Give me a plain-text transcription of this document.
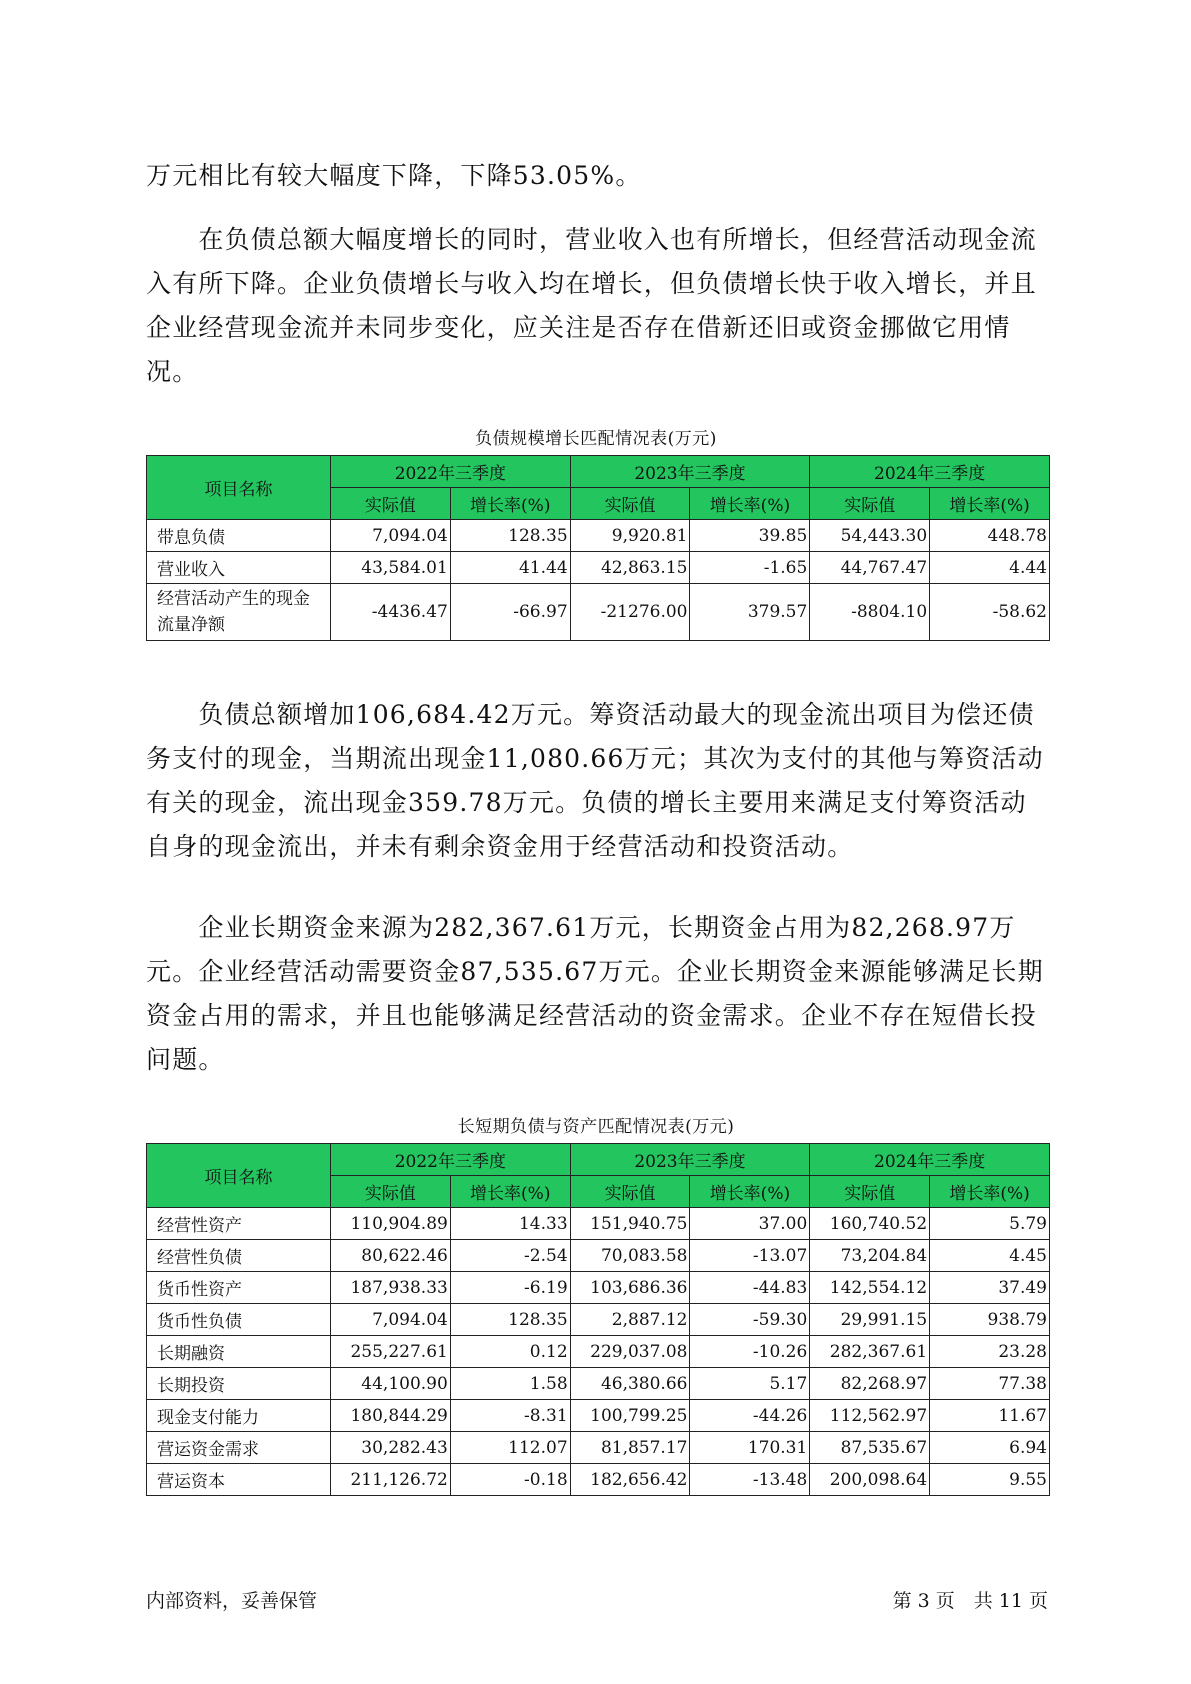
万元相比有较大幅度下降，下降53.05%。

　　在负债总额大幅度增长的同时，营业收入也有所增长，但经营活动现金流入有所下降。企业负债增长与收入均在增长，但负债增长快于收入增长，并且企业经营现金流并未同步变化，应关注是否存在借新还旧或资金挪做它用情况。

负债规模增长匹配情况表(万元)
项目名称	2022年三季度		2023年三季度		2024年三季度	
	实际值	增长率(%)	实际值	增长率(%)	实际值	增长率(%)
带息负债	7,094.04	128.35	9,920.81	39.85	54,443.30	448.78
营业收入	43,584.01	41.44	42,863.15	-1.65	44,767.47	4.44
经营活动产生的现金流量净额	-4436.47	-66.97	-21276.00	379.57	-8804.10	-58.62

　　负债总额增加106,684.42万元。筹资活动最大的现金流出项目为偿还债务支付的现金，当期流出现金11,080.66万元；其次为支付的其他与筹资活动有关的现金，流出现金359.78万元。负债的增长主要用来满足支付筹资活动自身的现金流出，并未有剩余资金用于经营活动和投资活动。

　　企业长期资金来源为282,367.61万元，长期资金占用为82,268.97万元。企业经营活动需要资金87,535.67万元。企业长期资金来源能够满足长期资金占用的需求，并且也能够满足经营活动的资金需求。企业不存在短借长投问题。

长短期负债与资产匹配情况表(万元)
项目名称	2022年三季度		2023年三季度		2024年三季度	
	实际值	增长率(%)	实际值	增长率(%)	实际值	增长率(%)
经营性资产	110,904.89	14.33	151,940.75	37.00	160,740.52	5.79
经营性负债	80,622.46	-2.54	70,083.58	-13.07	73,204.84	4.45
货币性资产	187,938.33	-6.19	103,686.36	-44.83	142,554.12	37.49
货币性负债	7,094.04	128.35	2,887.12	-59.30	29,991.15	938.79
长期融资	255,227.61	0.12	229,037.08	-10.26	282,367.61	23.28
长期投资	44,100.90	1.58	46,380.66	5.17	82,268.97	77.38
现金支付能力	180,844.29	-8.31	100,799.25	-44.26	112,562.97	11.67
营运资金需求	30,282.43	112.07	81,857.17	170.31	87,535.67	6.94
营运资本	211,126.72	-0.18	182,656.42	-13.48	200,098.64	9.55
内部资料，妥善保管	第 3 页　共 11 页
